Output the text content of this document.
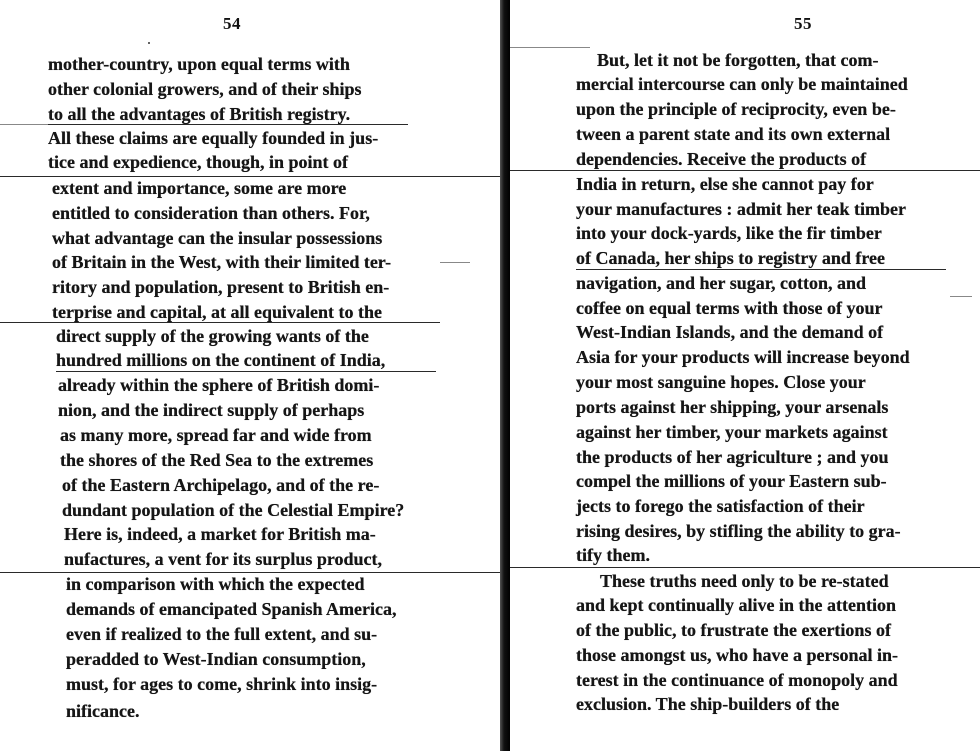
54
mother-country, upon equal terms with
other colonial growers, and of their ships
to all the advantages of British registry.
All these claims are equally founded in jus-
tice and expedience, though, in point of
extent and importance, some are more
entitled to consideration than others. For,
what advantage can the insular possessions
of Britain in the West, with their limited ter-
ritory and population, present to British en-
terprise and capital, at all equivalent to the
direct supply of the growing wants of the
hundred millions on the continent of India,
already within the sphere of British domi-
nion, and the indirect supply of perhaps
as many more, spread far and wide from
the shores of the Red Sea to the extremes
of the Eastern Archipelago, and of the re-
dundant population of the Celestial Empire?
Here is, indeed, a market for British ma-
nufactures, a vent for its surplus product,
in comparison with which the expected
demands of emancipated Spanish America,
even if realized to the full extent, and su-
peradded to West-Indian consumption,
must, for ages to come, shrink into insig-
nificance.
55
But, let it not be forgotten, that com-
mercial intercourse can only be maintained
upon the principle of reciprocity, even be-
tween a parent state and its own external
dependencies. Receive the products of
India in return, else she cannot pay for
your manufactures : admit her teak timber
into your dock-yards, like the fir timber
of Canada, her ships to registry and free
navigation, and her sugar, cotton, and
coffee on equal terms with those of your
West-Indian Islands, and the demand of
Asia for your products will increase beyond
your most sanguine hopes. Close your
ports against her shipping, your arsenals
against her timber, your markets against
the products of her agriculture ; and you
compel the millions of your Eastern sub-
jects to forego the satisfaction of their
rising desires, by stifling the ability to gra-
tify them.
These truths need only to be re-stated
and kept continually alive in the attention
of the public, to frustrate the exertions of
those amongst us, who have a personal in-
terest in the continuance of monopoly and
exclusion. The ship-builders of the
